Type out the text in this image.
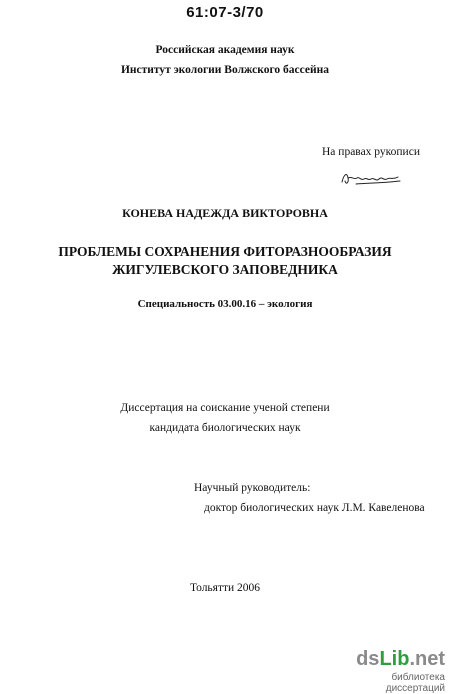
61:07-3/70
Российская академия наук
Институт экологии Волжского бассейна
На правах рукописи
КОНЕВА НАДЕЖДА ВИКТОРОВНА
ПРОБЛЕМЫ СОХРАНЕНИЯ ФИТОРАЗНООБРАЗИЯ
ЖИГУЛЕВСКОГО ЗАПОВЕДНИКА
Специальность 03.00.16 – экология
Диссертация на соискание ученой степени
кандидата биологических наук
Научный руководитель:
доктор биологических наук Л.М. Кавеленова
Тольятти 2006
dsLib.net
библиотека диссертаций
